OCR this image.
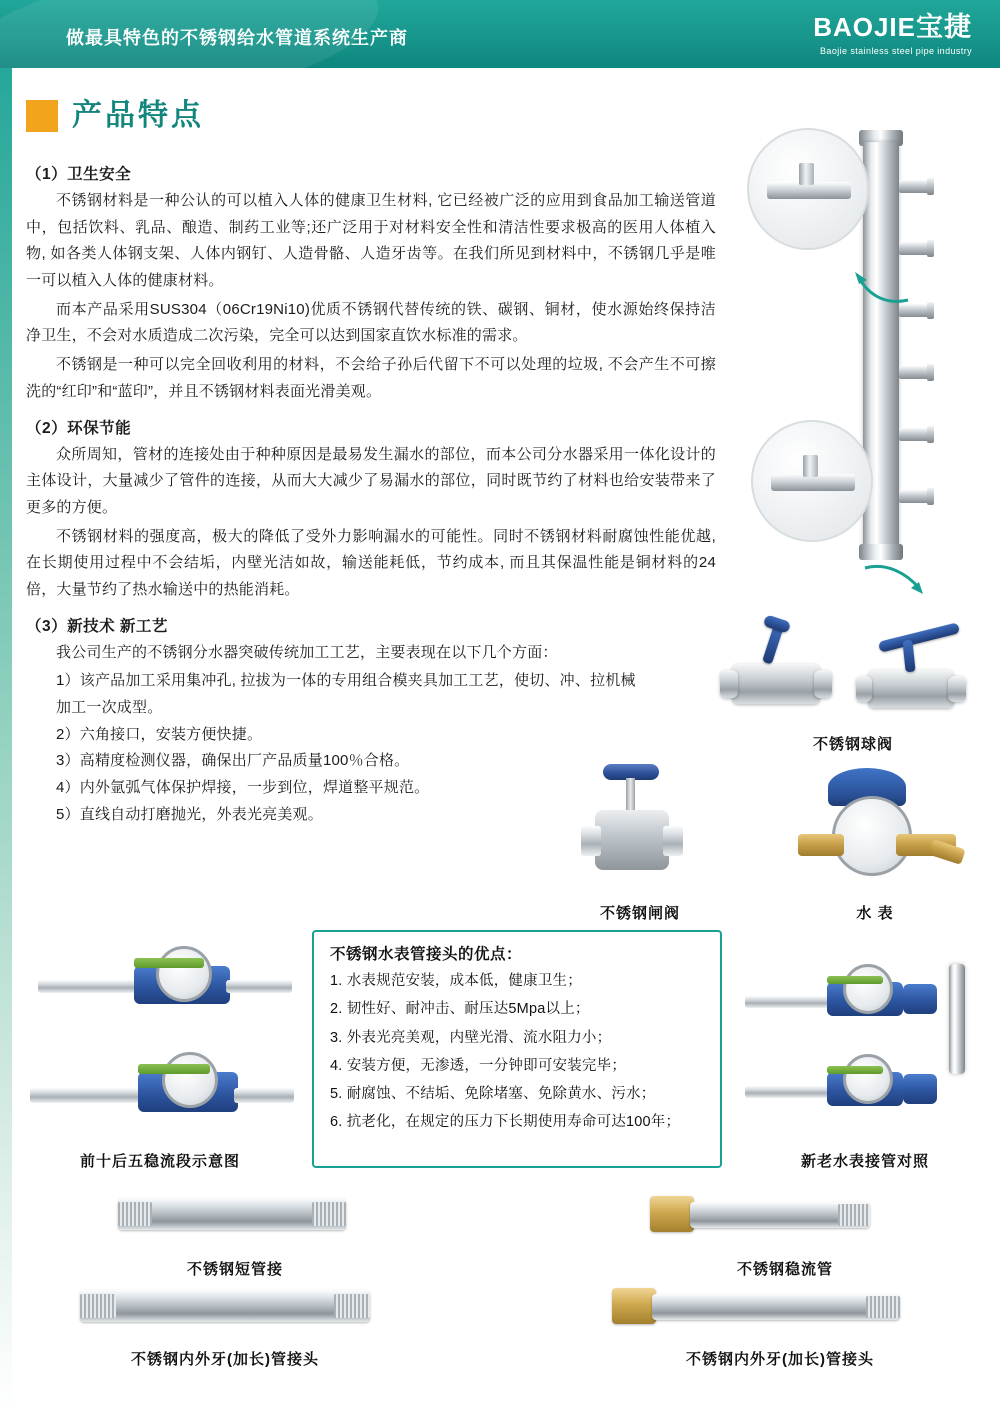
做最具特色的不锈钢给水管道系统生产商	BAOJIE宝捷
Baojie stainless steel pipe industry
产品特点
（1）卫生安全

不锈钢材料是一种公认的可以植入人体的健康卫生材料, 它已经被广泛的应用到食品加工输送管道中，包括饮料、乳品、酿造、制药工业等;还广泛用于对材料安全性和清洁性要求极高的医用人体植入物, 如各类人体钢支架、人体内钢钉、人造骨骼、人造牙齿等。在我们所见到材料中，不锈钢几乎是唯一可以植入人体的健康材料。

而本产品采用SUS304（06Cr19Ni10)优质不锈钢代替传统的铁、碳钢、铜材，使水源始终保持洁净卫生，不会对水质造成二次污染，完全可以达到国家直饮水标准的需求。

不锈钢是一种可以完全回收利用的材料，不会给子孙后代留下不可以处理的垃圾, 不会产生不可擦洗的“红印”和“蓝印”，并且不锈钢材料表面光滑美观。

（2）环保节能

众所周知，管材的连接处由于种种原因是最易发生漏水的部位，而本公司分水器采用一体化设计的主体设计，大量减少了管件的连接，从而大大减少了易漏水的部位，同时既节约了材料也给安装带来了更多的方便。

不锈钢材料的强度高，极大的降低了受外力影响漏水的可能性。同时不锈钢材料耐腐蚀性能优越, 在长期使用过程中不会结垢，内壁光洁如故，输送能耗低，节约成本, 而且其保温性能是铜材料的24倍，大量节约了热水输送中的热能消耗。

（3）新技术 新工艺

我公司生产的不锈钢分水器突破传统加工工艺，主要表现在以下几个方面：

1）该产品加工采用集冲孔, 拉拔为一体的专用组合模夹具加工工艺，使切、冲、拉机械

加工一次成型。

2）六角接口，安装方便快捷。

3）高精度检测仪器，确保出厂产品质量100％合格。

4）内外氩弧气体保护焊接，一步到位，焊道整平规范。

5）直线自动打磨抛光，外表光亮美观。

不锈钢球阀
不锈钢闸阀	水 表
前十后五稳流段示意图
不锈钢水表管接头的优点：
1. 水表规范安装，成本低，健康卫生；
2. 韧性好、耐冲击、耐压达5Mpa以上；
3. 外表光亮美观，内壁光滑、流水阻力小；
4. 安装方便，无渗透，一分钟即可安装完毕；
5. 耐腐蚀、不结垢、免除堵塞、免除黄水、污水；
6. 抗老化，在规定的压力下长期使用寿命可达100年；
新老水表接管对照
不锈钢短管接	不锈钢稳流管
不锈钢内外牙(加长)管接头	不锈钢内外牙(加长)管接头
